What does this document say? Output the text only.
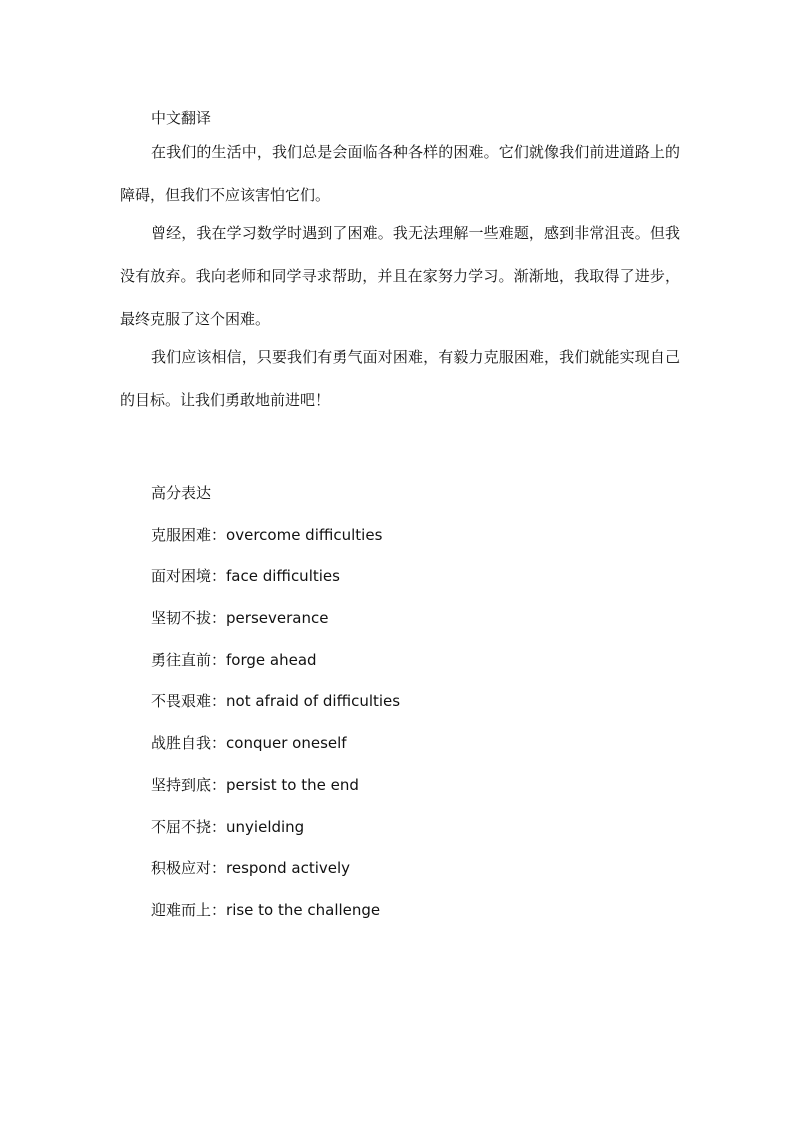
中文翻译

在我们的生活中，我们总是会面临各种各样的困难。它们就像我们前进道路上的障碍，但我们不应该害怕它们。

曾经，我在学习数学时遇到了困难。我无法理解一些难题，感到非常沮丧。但我没有放弃。我向老师和同学寻求帮助，并且在家努力学习。渐渐地，我取得了进步，最终克服了这个困难。

我们应该相信，只要我们有勇气面对困难，有毅力克服困难，我们就能实现自己的目标。让我们勇敢地前进吧！

高分表达
克服困难：overcome difficulties
面对困境：face difficulties
坚韧不拔：perseverance
勇往直前：forge ahead
不畏艰难：not afraid of difficulties
战胜自我：conquer oneself
坚持到底：persist to the end
不屈不挠：unyielding
积极应对：respond actively
迎难而上：rise to the challenge
